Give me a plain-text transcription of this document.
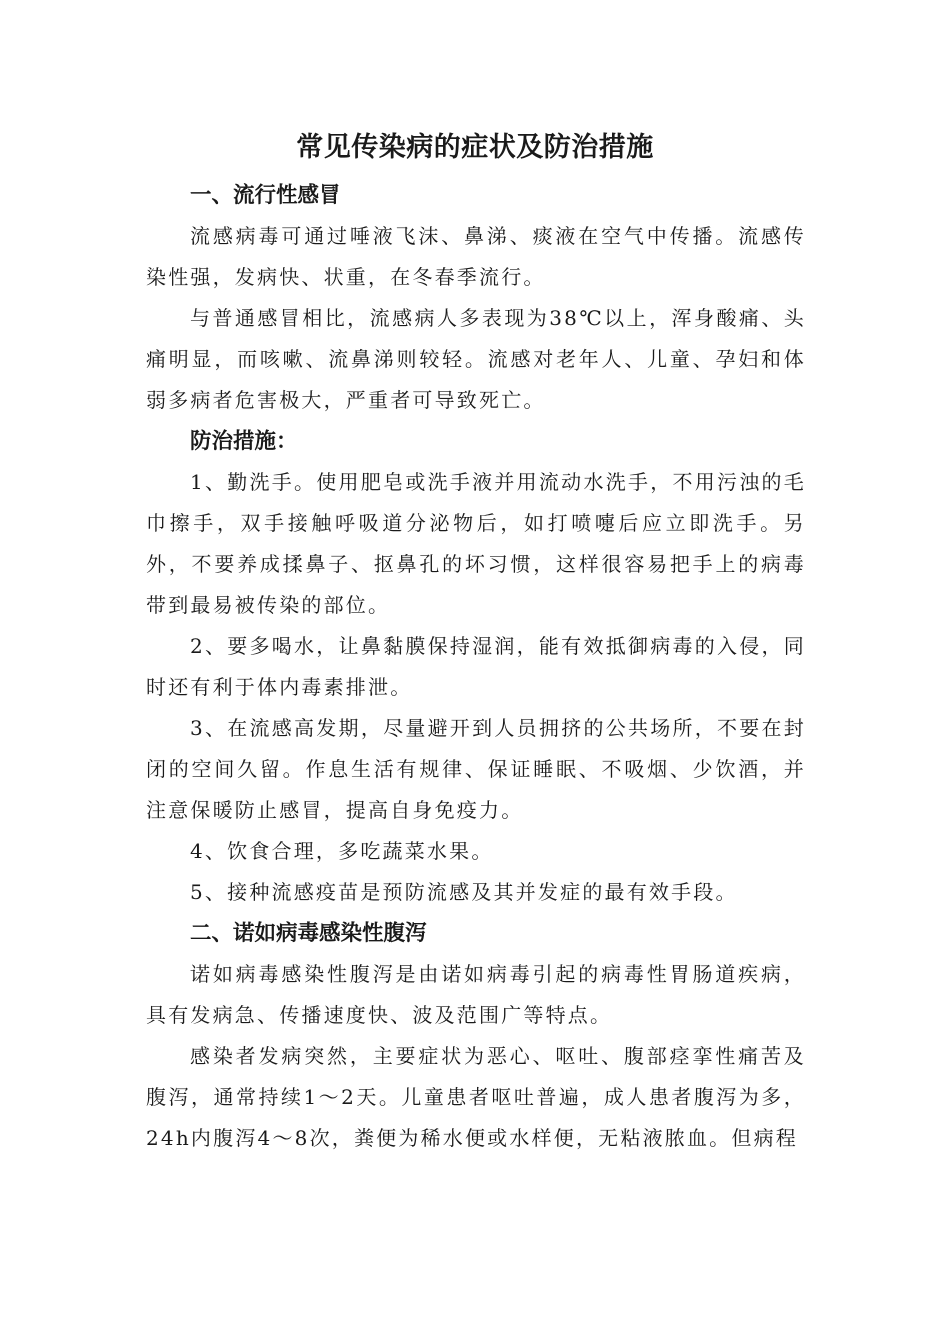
常见传染病的症状及防治措施

一、流行性感冒

流感病毒可通过唾液飞沫、鼻涕、痰液在空气中传播。流感传染性强，发病快、状重，在冬春季流行。

与普通感冒相比，流感病人多表现为38℃以上，浑身酸痛、头痛明显，而咳嗽、流鼻涕则较轻。流感对老年人、儿童、孕妇和体弱多病者危害极大，严重者可导致死亡。

防治措施：

1、勤洗手。使用肥皂或洗手液并用流动水洗手，不用污浊的毛巾擦手，双手接触呼吸道分泌物后，如打喷嚏后应立即洗手。另外，不要养成揉鼻子、抠鼻孔的坏习惯，这样很容易把手上的病毒带到最易被传染的部位。

2、要多喝水，让鼻黏膜保持湿润，能有效抵御病毒的入侵，同时还有利于体内毒素排泄。

3、在流感高发期，尽量避开到人员拥挤的公共场所，不要在封闭的空间久留。作息生活有规律、保证睡眠、不吸烟、少饮酒，并注意保暖防止感冒，提高自身免疫力。

4、饮食合理，多吃蔬菜水果。

5、接种流感疫苗是预防流感及其并发症的最有效手段。

二、诺如病毒感染性腹泻

诺如病毒感染性腹泻是由诺如病毒引起的病毒性胃肠道疾病，具有发病急、传播速度快、波及范围广等特点。

感染者发病突然，主要症状为恶心、呕吐、腹部痉挛性痛苦及腹泻，通常持续1～2天。儿童患者呕吐普遍，成人患者腹泻为多，24h内腹泻4～8次，粪便为稀水便或水样便，无粘液脓血。但病程
